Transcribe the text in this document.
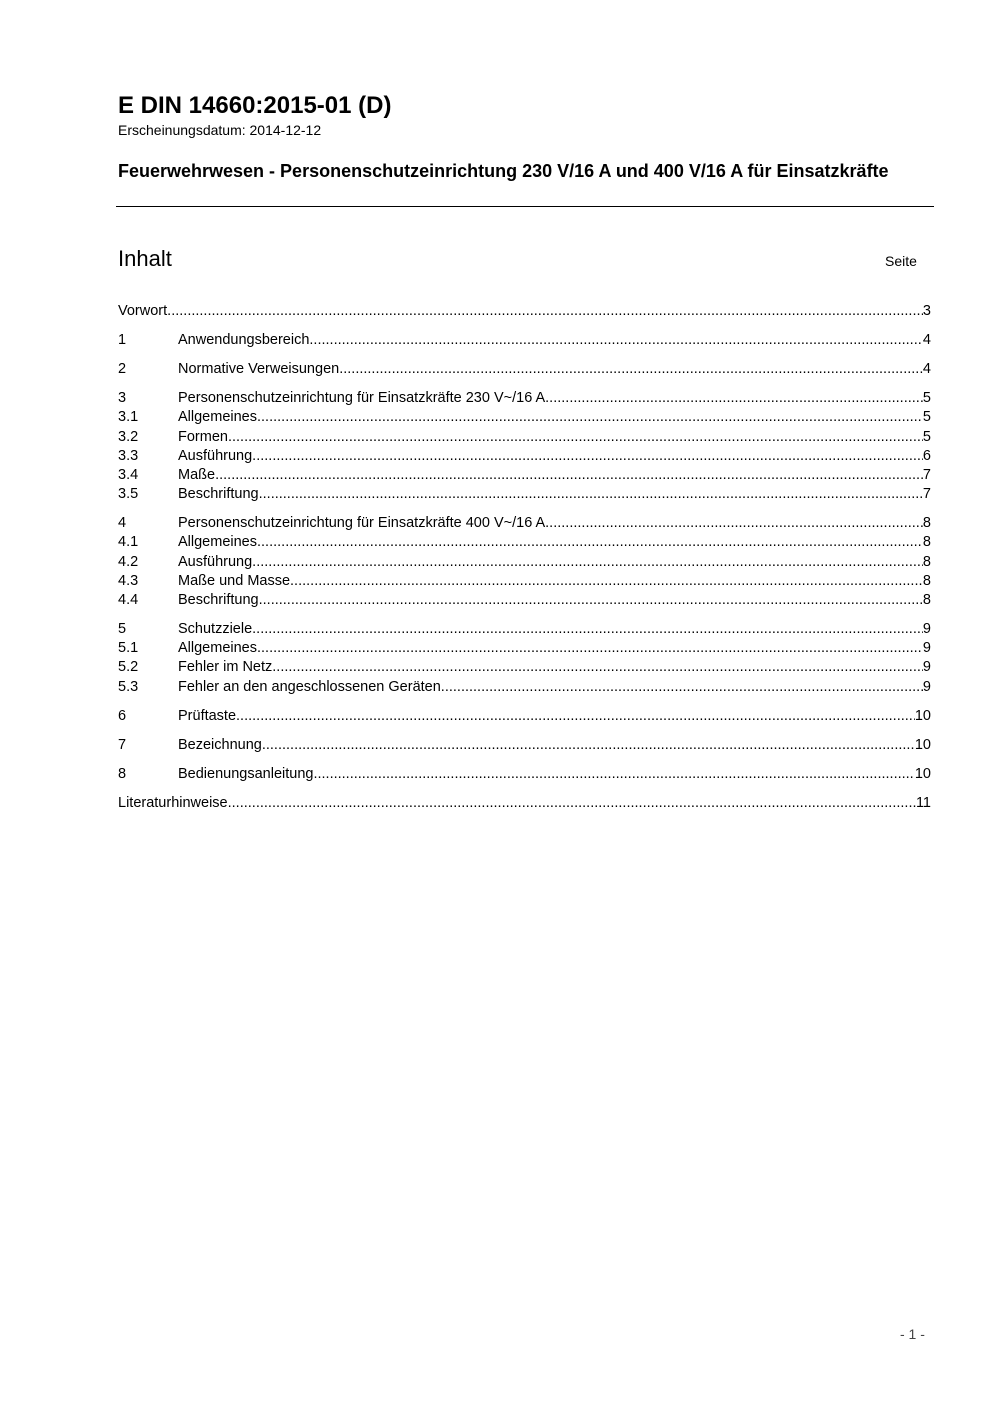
E DIN 14660:2015-01 (D)
Erscheinungsdatum: 2014-12-12
Feuerwehrwesen - Personenschutzeinrichtung 230 V/16 A und 400 V/16 A für Einsatzkräfte
Inhalt	Seite
Vorwort .....	3
1	Anwendungsbereich .....	4
2	Normative Verweisungen .....	4
3	Personenschutzeinrichtung für Einsatzkräfte 230 V~/16 A .....	5
3.1	Allgemeines .....	5
3.2	Formen .....	5
3.3	Ausführung .....	6
3.4	Maße .....	7
3.5	Beschriftung .....	7
4	Personenschutzeinrichtung für Einsatzkräfte 400 V~/16 A .....	8
4.1	Allgemeines .....	8
4.2	Ausführung .....	8
4.3	Maße und Masse .....	8
4.4	Beschriftung .....	8
5	Schutzziele .....	9
5.1	Allgemeines .....	9
5.2	Fehler im Netz .....	9
5.3	Fehler an den angeschlossenen Geräten .....	9
6	Prüftaste .....	10
7	Bezeichnung .....	10
8	Bedienungsanleitung .....	10
Literaturhinweise .....	11
- 1 -
